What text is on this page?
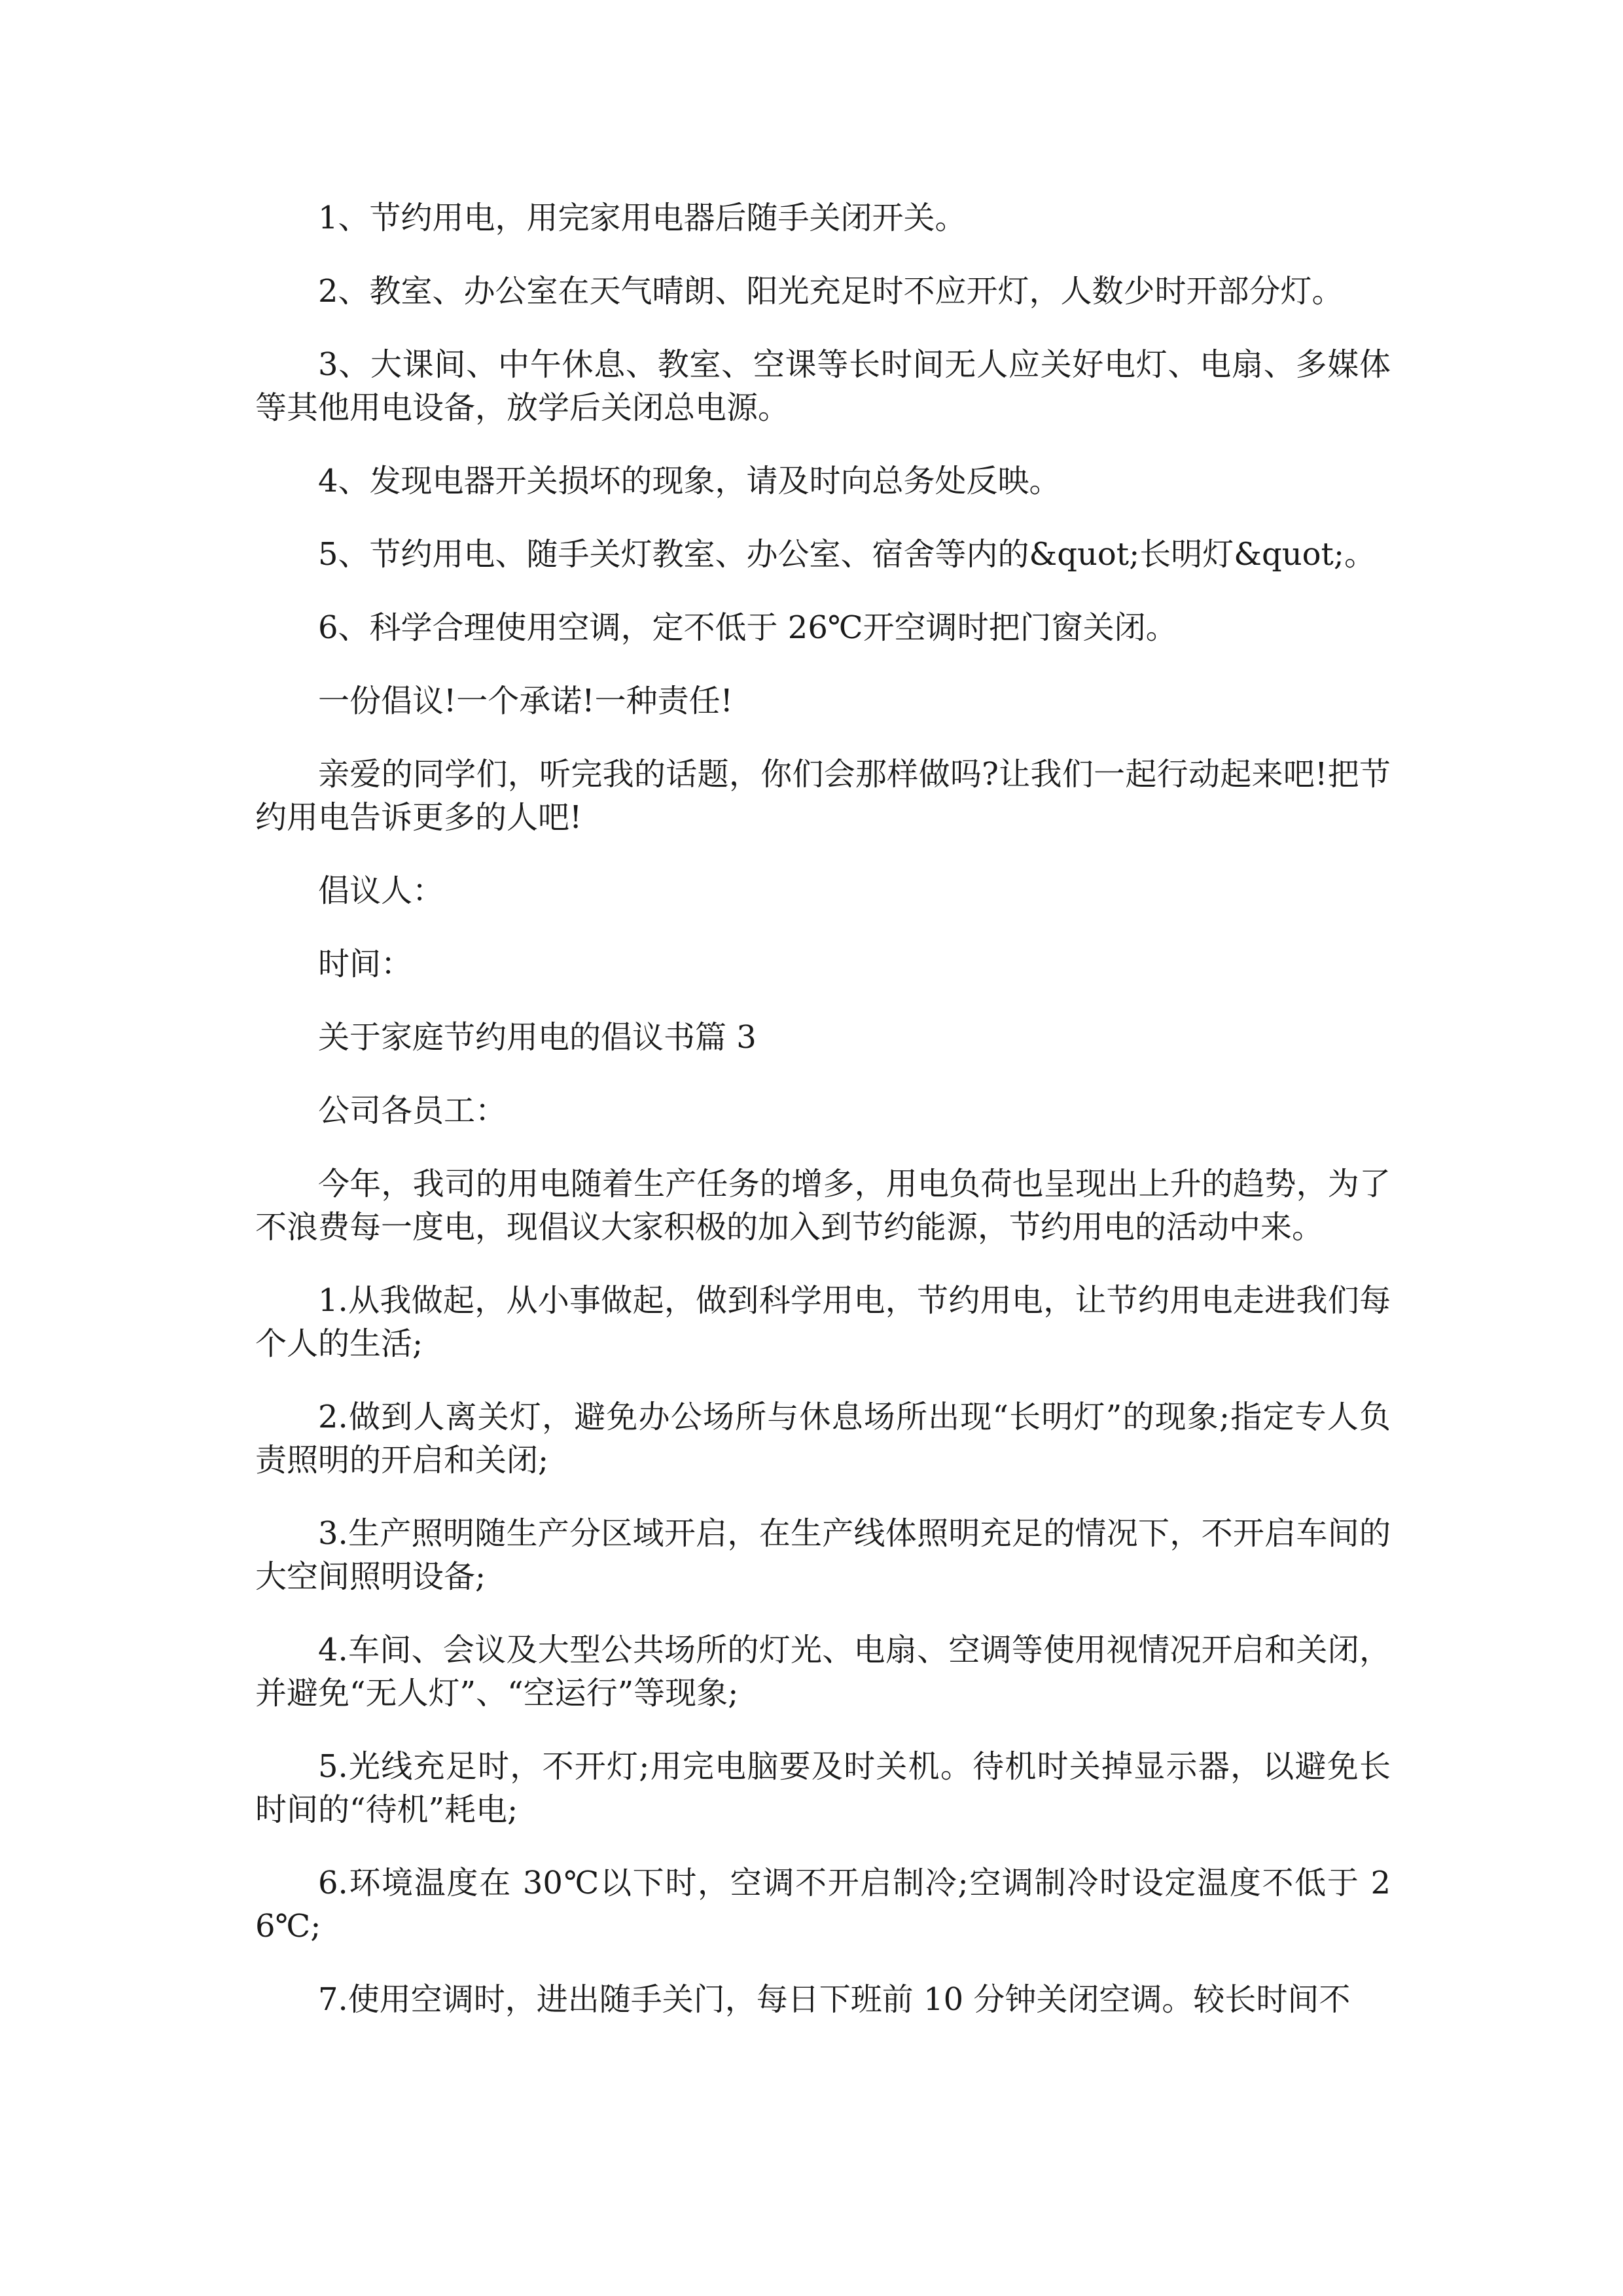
1、节约用电，用完家用电器后随手关闭开关。

2、教室、办公室在天气晴朗、阳光充足时不应开灯，人数少时开部分灯。

3、大课间、中午休息、教室、空课等长时间无人应关好电灯、电扇、多媒体等其他用电设备，放学后关闭总电源。

4、发现电器开关损坏的现象，请及时向总务处反映。

5、节约用电、随手关灯教室、办公室、宿舍等内的&quot;长明灯&quot;。

6、科学合理使用空调，定不低于 26℃开空调时把门窗关闭。

一份倡议!一个承诺!一种责任!

亲爱的同学们，听完我的话题，你们会那样做吗?让我们一起行动起来吧!把节约用电告诉更多的人吧!

倡议人：

时间：

关于家庭节约用电的倡议书篇 3

公司各员工：

今年，我司的用电随着生产任务的增多，用电负荷也呈现出上升的趋势，为了不浪费每一度电，现倡议大家积极的加入到节约能源，节约用电的活动中来。

1.从我做起，从小事做起，做到科学用电，节约用电，让节约用电走进我们每个人的生活;

2.做到人离关灯，避免办公场所与休息场所出现“长明灯”的现象;指定专人负责照明的开启和关闭;

3.生产照明随生产分区域开启，在生产线体照明充足的情况下，不开启车间的大空间照明设备;

4.车间、会议及大型公共场所的灯光、电扇、空调等使用视情况开启和关闭，并避免“无人灯”、“空运行”等现象;

5.光线充足时，不开灯;用完电脑要及时关机。待机时关掉显示器，以避免长时间的“待机”耗电;

6.环境温度在 30℃以下时，空调不开启制冷;空调制冷时设定温度不低于 26℃;

7.使用空调时，进出随手关门，每日下班前 10 分钟关闭空调。较长时间不
